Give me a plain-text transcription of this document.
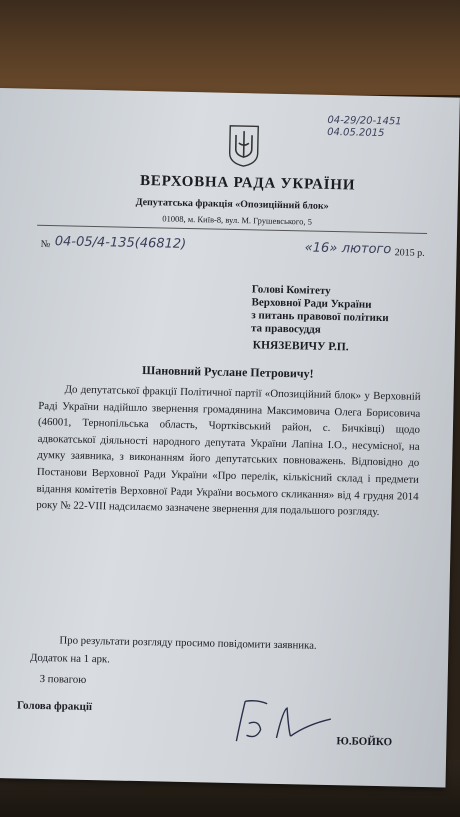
04-29/20-1451
04.05.2015
ВЕРХОВНА РАДА УКРАЇНИ
Депутатська фракція «Опозиційний блок»
01008, м. Київ-8, вул. М. Грушевського, 5
№ 04-05/4-135(46812)	«16» лютого 2015 р.
Голові Комітету
Верховної Ради України
з питань правової політики
та правосуддя
КНЯЗЕВИЧУ Р.П.
Шановний Руслане Петровичу!
До депутатської фракції Політичної партії «Опозиційний блок» у Верховній Раді України надійшло звернення громадянина Максимовича Олега Борисовича (46001, Тернопільська область, Чортківський район, с. Бичківці) щодо адвокатської діяльності народного депутата України Лапіна І.О., несумісної, на думку заявника, з виконанням його депутатських повноважень. Відповідно до Постанови Верховної Ради України «Про перелік, кількісний склад і предмети відання комітетів Верховної Ради України восьмого скликання» від 4 грудня 2014 року № 22-VIII надсилаємо зазначене звернення для подальшого розгляду.
Про результати розгляду просимо повідомити заявника.
Додаток на 1 арк.
З повагою
Голова фракції
Ю.БОЙКО
